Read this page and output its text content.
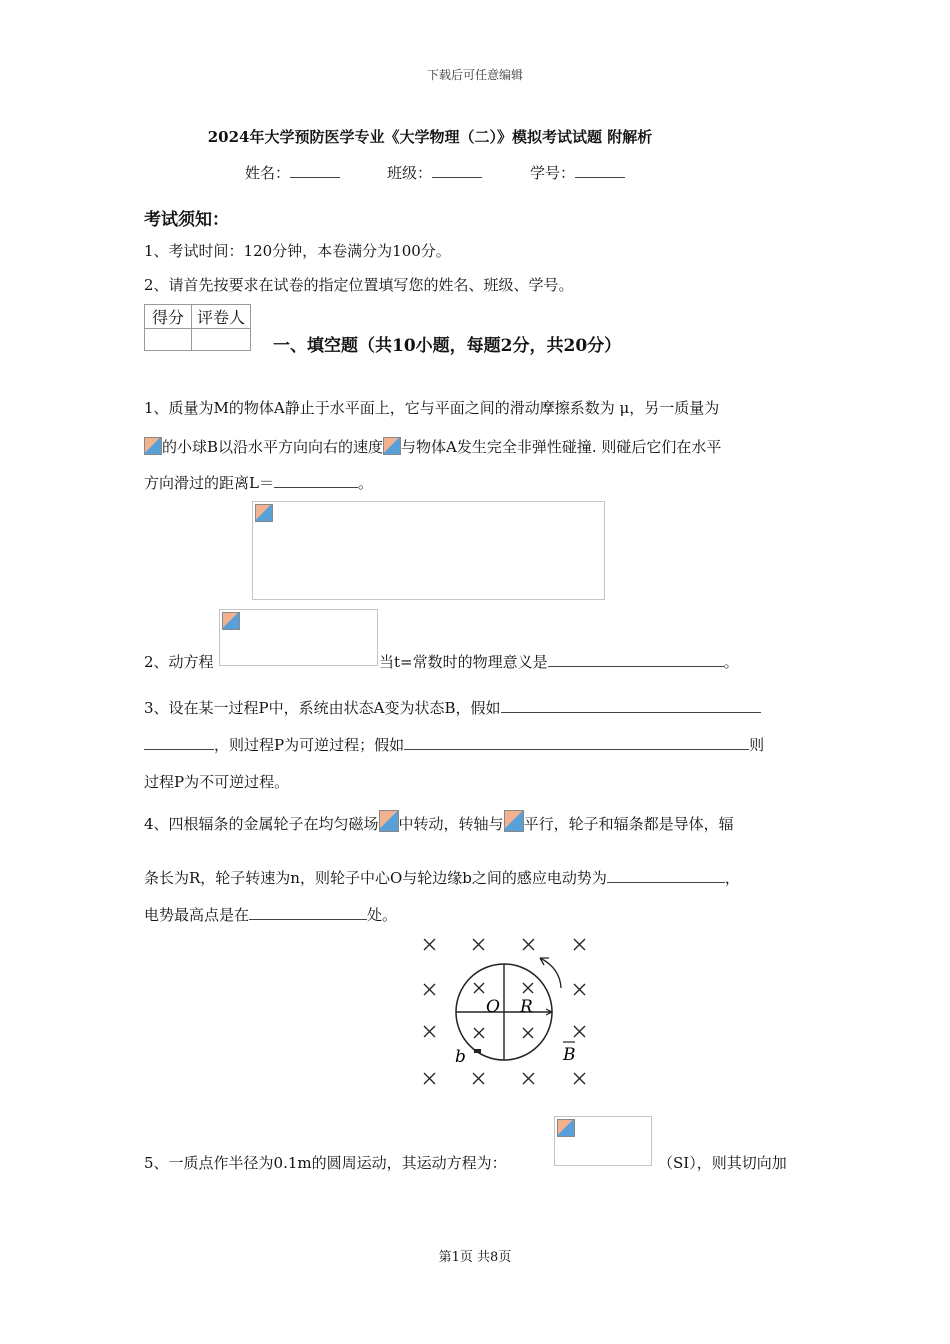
下载后可任意编辑
2024年大学预防医学专业《大学物理（二）》模拟考试试题 附解析
姓名：	班级：	学号：
考试须知：
1、考试时间：120分钟，本卷满分为100分。
2、请首先按要求在试卷的指定位置填写您的姓名、班级、学号。
得分	评卷人

一、填空题（共10小题，每题2分，共20分）
1、质量为M的物体A静止于水平面上，它与平面之间的滑动摩擦系数为 μ，另一质量为
的小球B以沿水平方向向右的速度 与物体A发生完全非弹性碰撞. 则碰后它们在水平
方向滑过的距离L＝	。
2、动方程	当t=常数时的物理意义是	。
3、设在某一过程P中，系统由状态A变为状态B，假如
，则过程P为可逆过程；假如	则
过程P为不可逆过程。
4、四根辐条的金属轮子在均匀磁场 中转动，转轴与 平行，轮子和辐条都是导体，辐
条长为R，轮子转速为n，则轮子中心O与轮边缘b之间的感应电动势为	，
电势最高点是在	处。
O R
b	B
5、一质点作半径为0.1m的圆周运动，其运动方程为：	（SI），则其切向加
第1页 共8页
